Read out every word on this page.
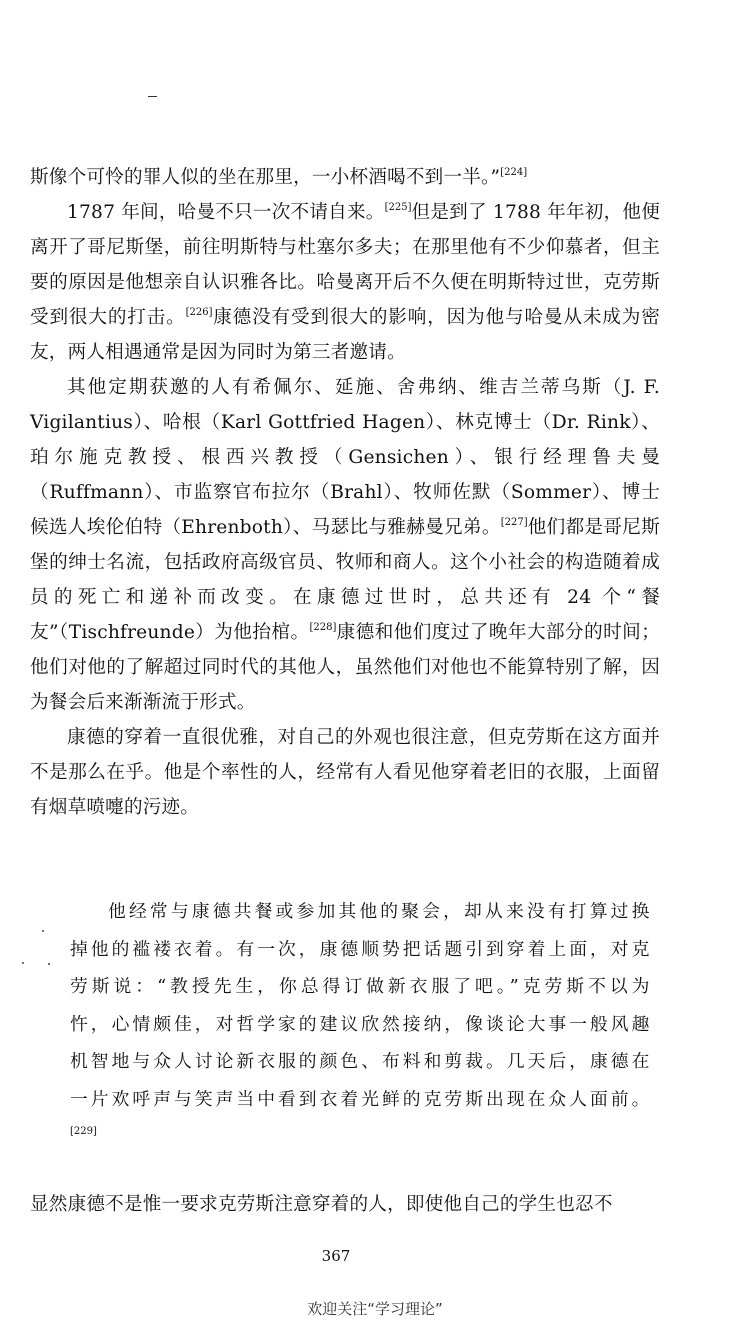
斯像个可怜的罪人似的坐在那里，一小杯酒喝不到一半。”[224]

1787 年间，哈曼不只一次不请自来。[225]但是到了 1788 年年初，他便离开了哥尼斯堡，前往明斯特与杜塞尔多夫；在那里他有不少仰慕者，但主要的原因是他想亲自认识雅各比。哈曼离开后不久便在明斯特过世，克劳斯受到很大的打击。[226]康德没有受到很大的影响，因为他与哈曼从未成为密友，两人相遇通常是因为同时为第三者邀请。

其他定期获邀的人有希佩尔、延施、舍弗纳、维吉兰蒂乌斯（J. F. Vigilantius）、哈根（Karl Gottfried Hagen）、林克博士（Dr. Rink）、珀尔施克教授、根西兴教授（Gensichen）、银行经理鲁夫曼（Ruffmann）、市监察官布拉尔（Brahl）、牧师佐默（Sommer）、博士候选人埃伦伯特（Ehrenboth）、马瑟比与雅赫曼兄弟。[227]他们都是哥尼斯堡的绅士名流，包括政府高级官员、牧师和商人。这个小社会的构造随着成员的死亡和递补而改变。在康德过世时，总共还有 24 个“餐友”（Tischfreunde）为他抬棺。[228]康德和他们度过了晚年大部分的时间；他们对他的了解超过同时代的其他人，虽然他们对他也不能算特别了解，因为餐会后来渐渐流于形式。

康德的穿着一直很优雅，对自己的外观也很注意，但克劳斯在这方面并不是那么在乎。他是个率性的人，经常有人看见他穿着老旧的衣服，上面留有烟草喷嚏的污迹。

他经常与康德共餐或参加其他的聚会，却从来没有打算过换掉他的褴褛衣着。有一次，康德顺势把话题引到穿着上面，对克劳斯说：“教授先生，你总得订做新衣服了吧。”克劳斯不以为忤，心情颇佳，对哲学家的建议欣然接纳，像谈论大事一般风趣机智地与众人讨论新衣服的颜色、布料和剪裁。几天后，康德在一片欢呼声与笑声当中看到衣着光鲜的克劳斯出现在众人面前。[229]

显然康德不是惟一要求克劳斯注意穿着的人，即使他自己的学生也忍不
367
欢迎关注“学习理论”
